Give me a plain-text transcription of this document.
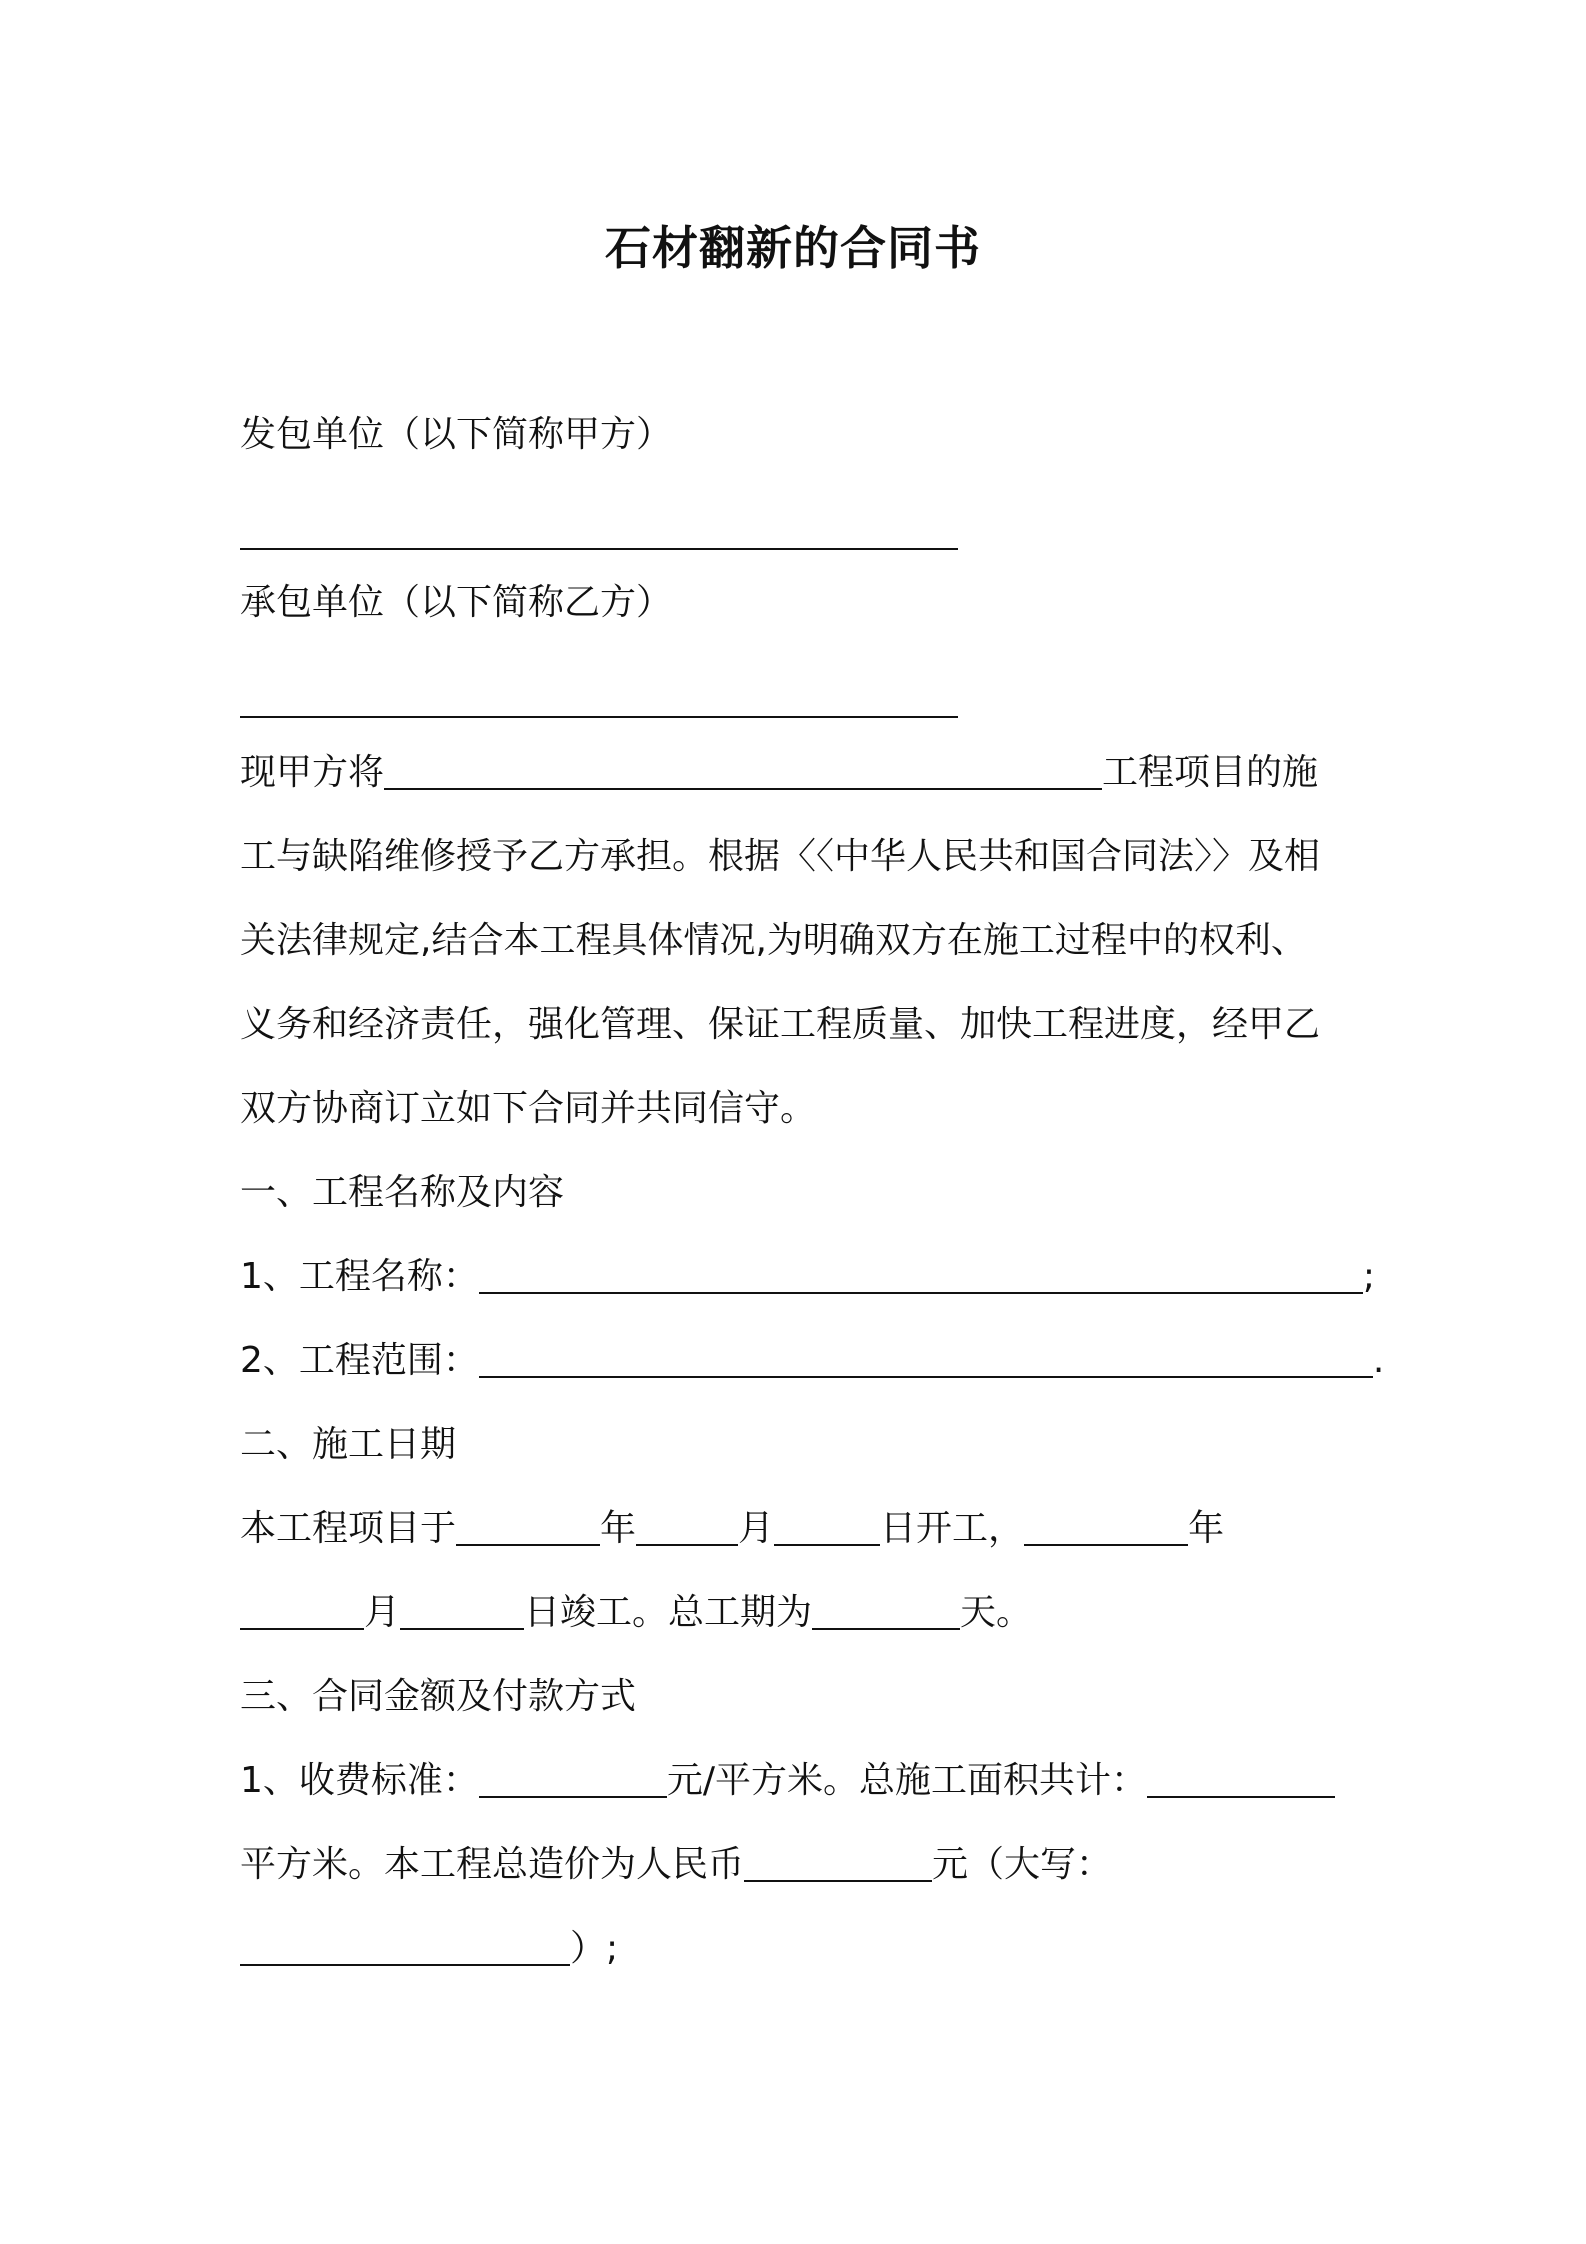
石材翻新的合同书
发包单位（以下简称甲方）
承包单位（以下简称乙方）
现甲方将	工程项目的施
工与缺陷维修授予乙方承担。根据〈〈中华人民共和国合同法〉〉及相
关法律规定,结合本工程具体情况,为明确双方在施工过程中的权利、
义务和经济责任，强化管理、保证工程质量、加快工程进度，经甲乙
双方协商订立如下合同并共同信守。
一、工程名称及内容
1、工程名称：	;
2、工程范围：	.
二、施工日期
本工程项目于	年	月	日开工，	年
月	日竣工。总工期为	天。
三、合同金额及付款方式
1、收费标准：	元/平方米。总施工面积共计：
平方米。本工程总造价为人民币	元（大写：
）;
